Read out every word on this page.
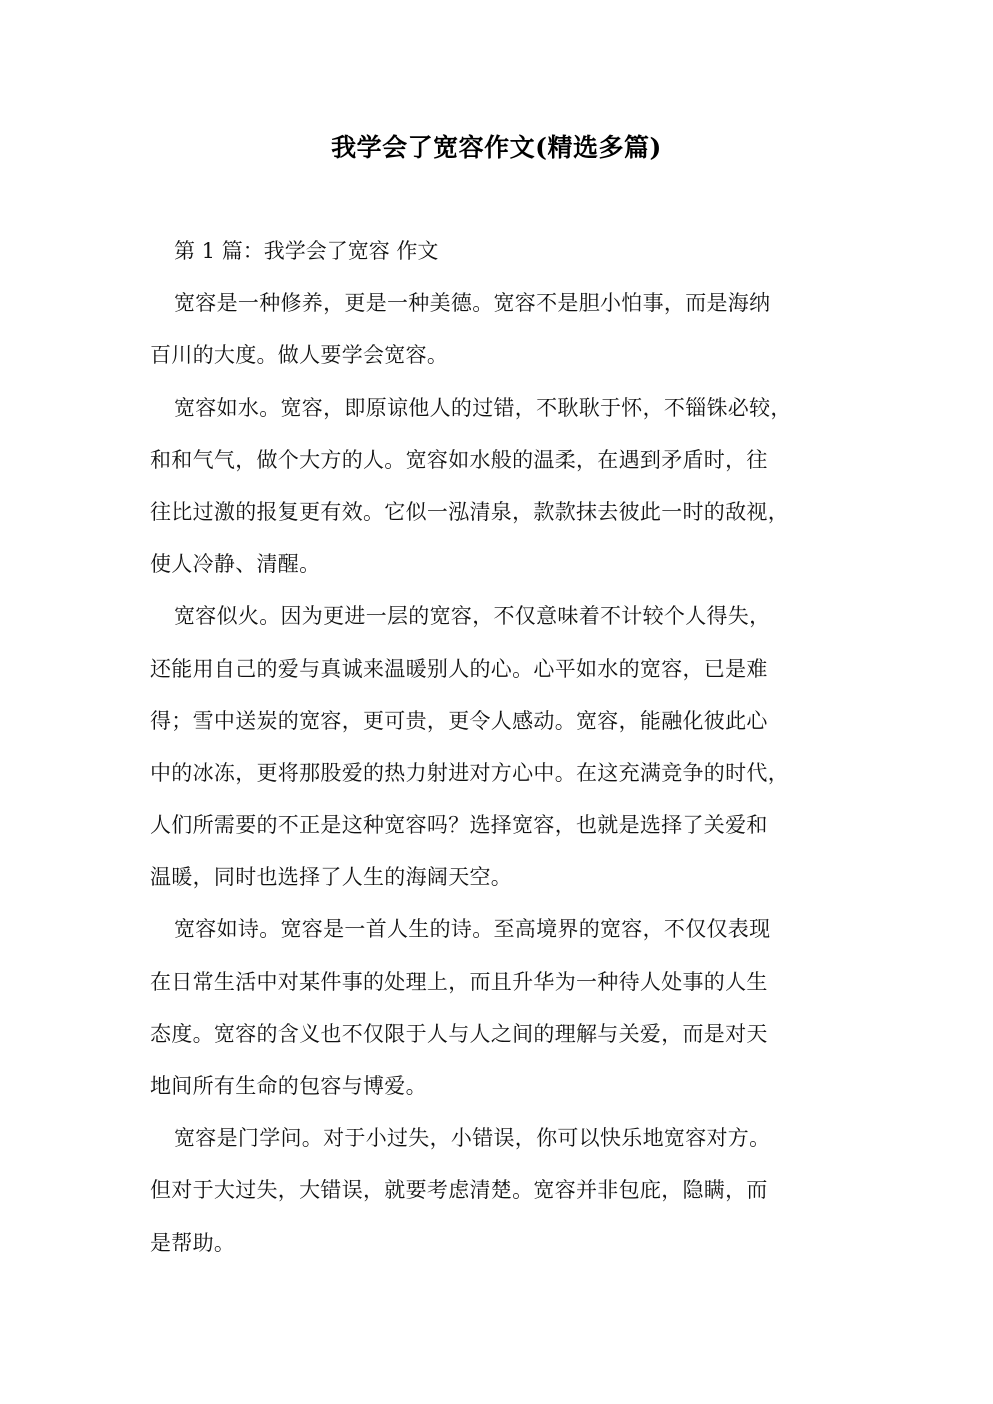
我学会了宽容作文(精选多篇)
第 1 篇：我学会了宽容 作文
宽容是一种修养，更是一种美德。宽容不是胆小怕事，而是海纳
百川的大度。做人要学会宽容。
宽容如水。宽容，即原谅他人的过错，不耿耿于怀，不锱铢必较，
和和气气，做个大方的人。宽容如水般的温柔，在遇到矛盾时，往
往比过激的报复更有效。它似一泓清泉，款款抹去彼此一时的敌视，
使人冷静、清醒。
宽容似火。因为更进一层的宽容，不仅意味着不计较个人得失，
还能用自己的爱与真诚来温暖别人的心。心平如水的宽容，已是难
得；雪中送炭的宽容，更可贵，更令人感动。宽容，能融化彼此心
中的冰冻，更将那股爱的热力射进对方心中。在这充满竞争的时代，
人们所需要的不正是这种宽容吗？选择宽容，也就是选择了关爱和
温暖，同时也选择了人生的海阔天空。
宽容如诗。宽容是一首人生的诗。至高境界的宽容，不仅仅表现
在日常生活中对某件事的处理上，而且升华为一种待人处事的人生
态度。宽容的含义也不仅限于人与人之间的理解与关爱，而是对天
地间所有生命的包容与博爱。
宽容是门学问。对于小过失，小错误，你可以快乐地宽容对方。
但对于大过失，大错误，就要考虑清楚。宽容并非包庇，隐瞒，而
是帮助。
